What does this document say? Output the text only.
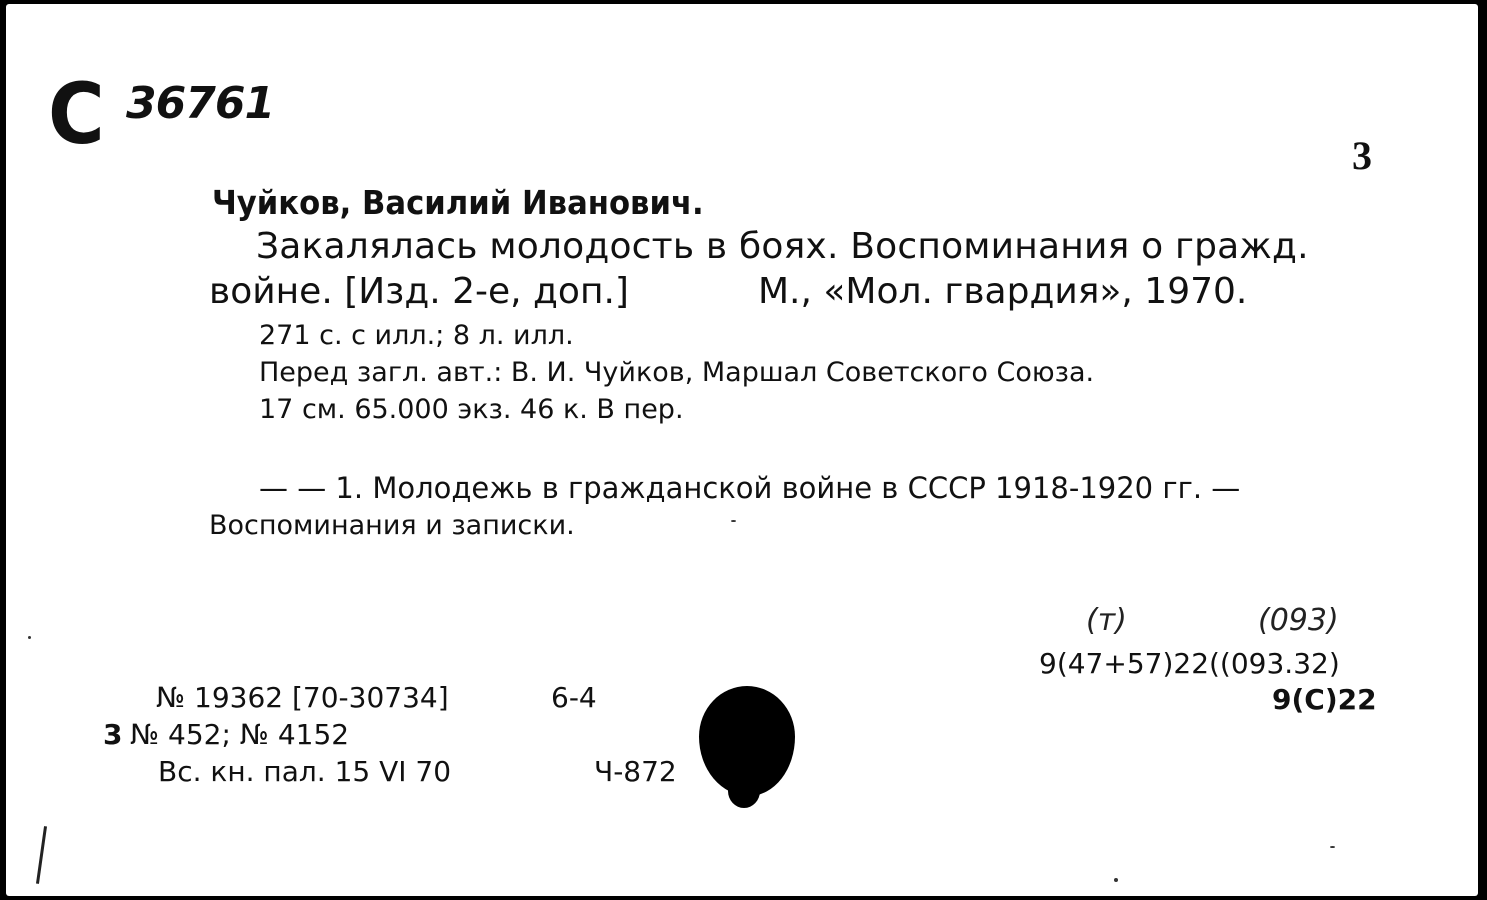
С 36761
3
Чуйков, Василий Иванович.
Закалялась молодость в боях. Воспоминания о гражд.
войне. [Изд. 2-е, доп.]	М., «Мол. гвардия», 1970.
271 с. с илл.; 8 л. илл.
Перед загл. авт.: В. И. Чуйков, Маршал Советского Союза.
17 см. 65.000 экз. 46 к. В пер.
— — 1. Молодежь в гражданской войне в СССР 1918-1920 гг. —
Воспоминания и записки.
(т)	(093)
9(47+57)22((093.32)
9(С)22
№ 19362 [70-30734]	6-4
3 № 452; № 4152
Вс. кн. пал. 15 VI 70	Ч-872
